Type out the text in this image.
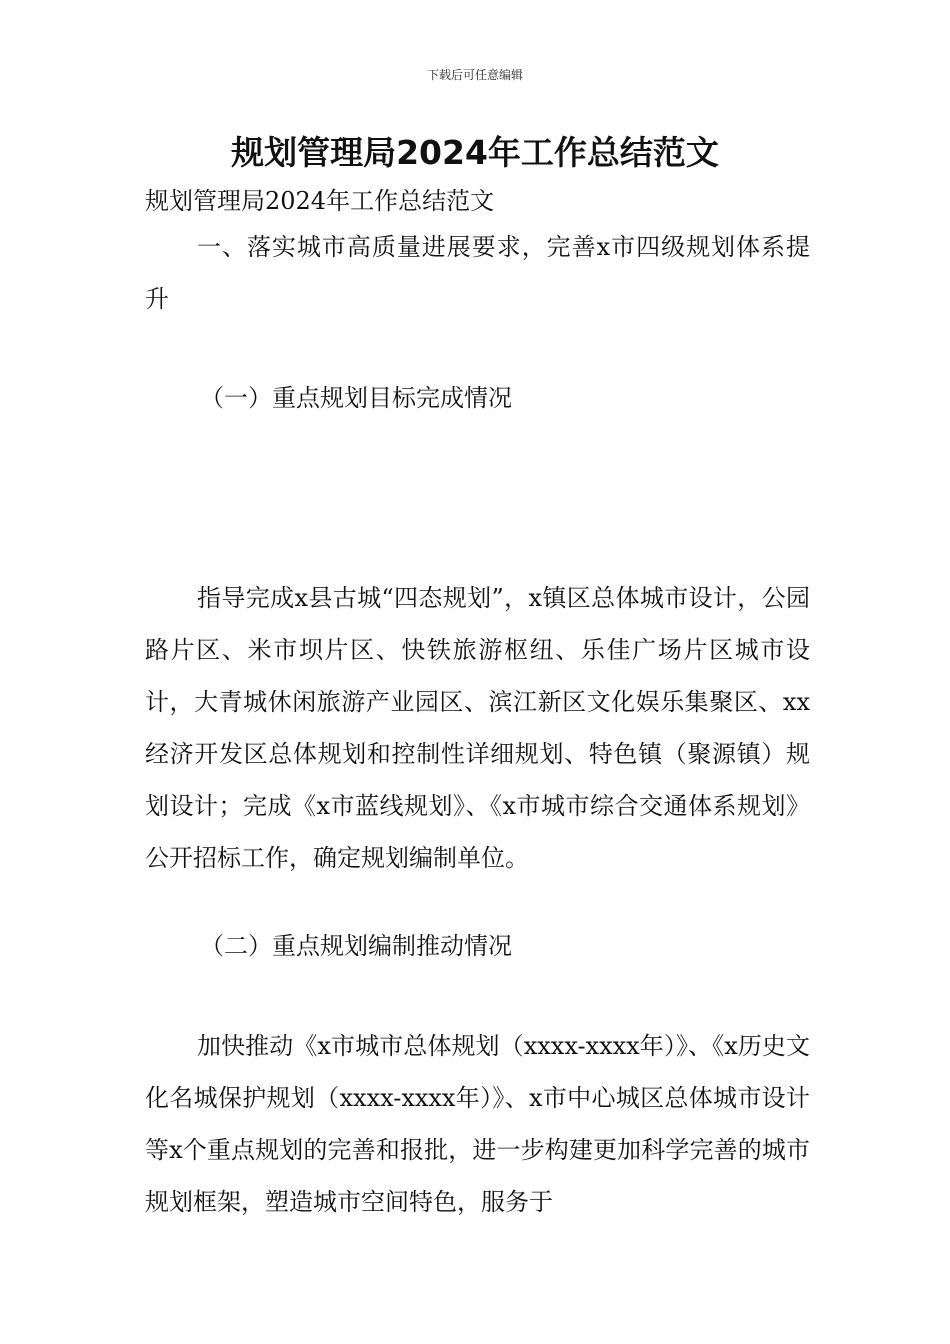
下载后可任意编辑
规划管理局2024年工作总结范文
规划管理局2024年工作总结范文
一、落实城市高质量进展要求，完善x市四级规划体系提升
（一）重点规划目标完成情况
指导完成x县古城“四态规划”，x镇区总体城市设计，公园路片区、米市坝片区、快铁旅游枢纽、乐佳广场片区城市设计，大青城休闲旅游产业园区、滨江新区文化娱乐集聚区、xx经济开发区总体规划和控制性详细规划、特色镇（聚源镇）规划设计；完成《x市蓝线规划》、《x市城市综合交通体系规划》公开招标工作，确定规划编制单位。
（二）重点规划编制推动情况
加快推动《x市城市总体规划（xxxx-xxxx年）》、《x历史文化名城保护规划（xxxx-xxxx年）》、x市中心城区总体城市设计等x个重点规划的完善和报批，进一步构建更加科学完善的城市规划框架，塑造城市空间特色，服务于
